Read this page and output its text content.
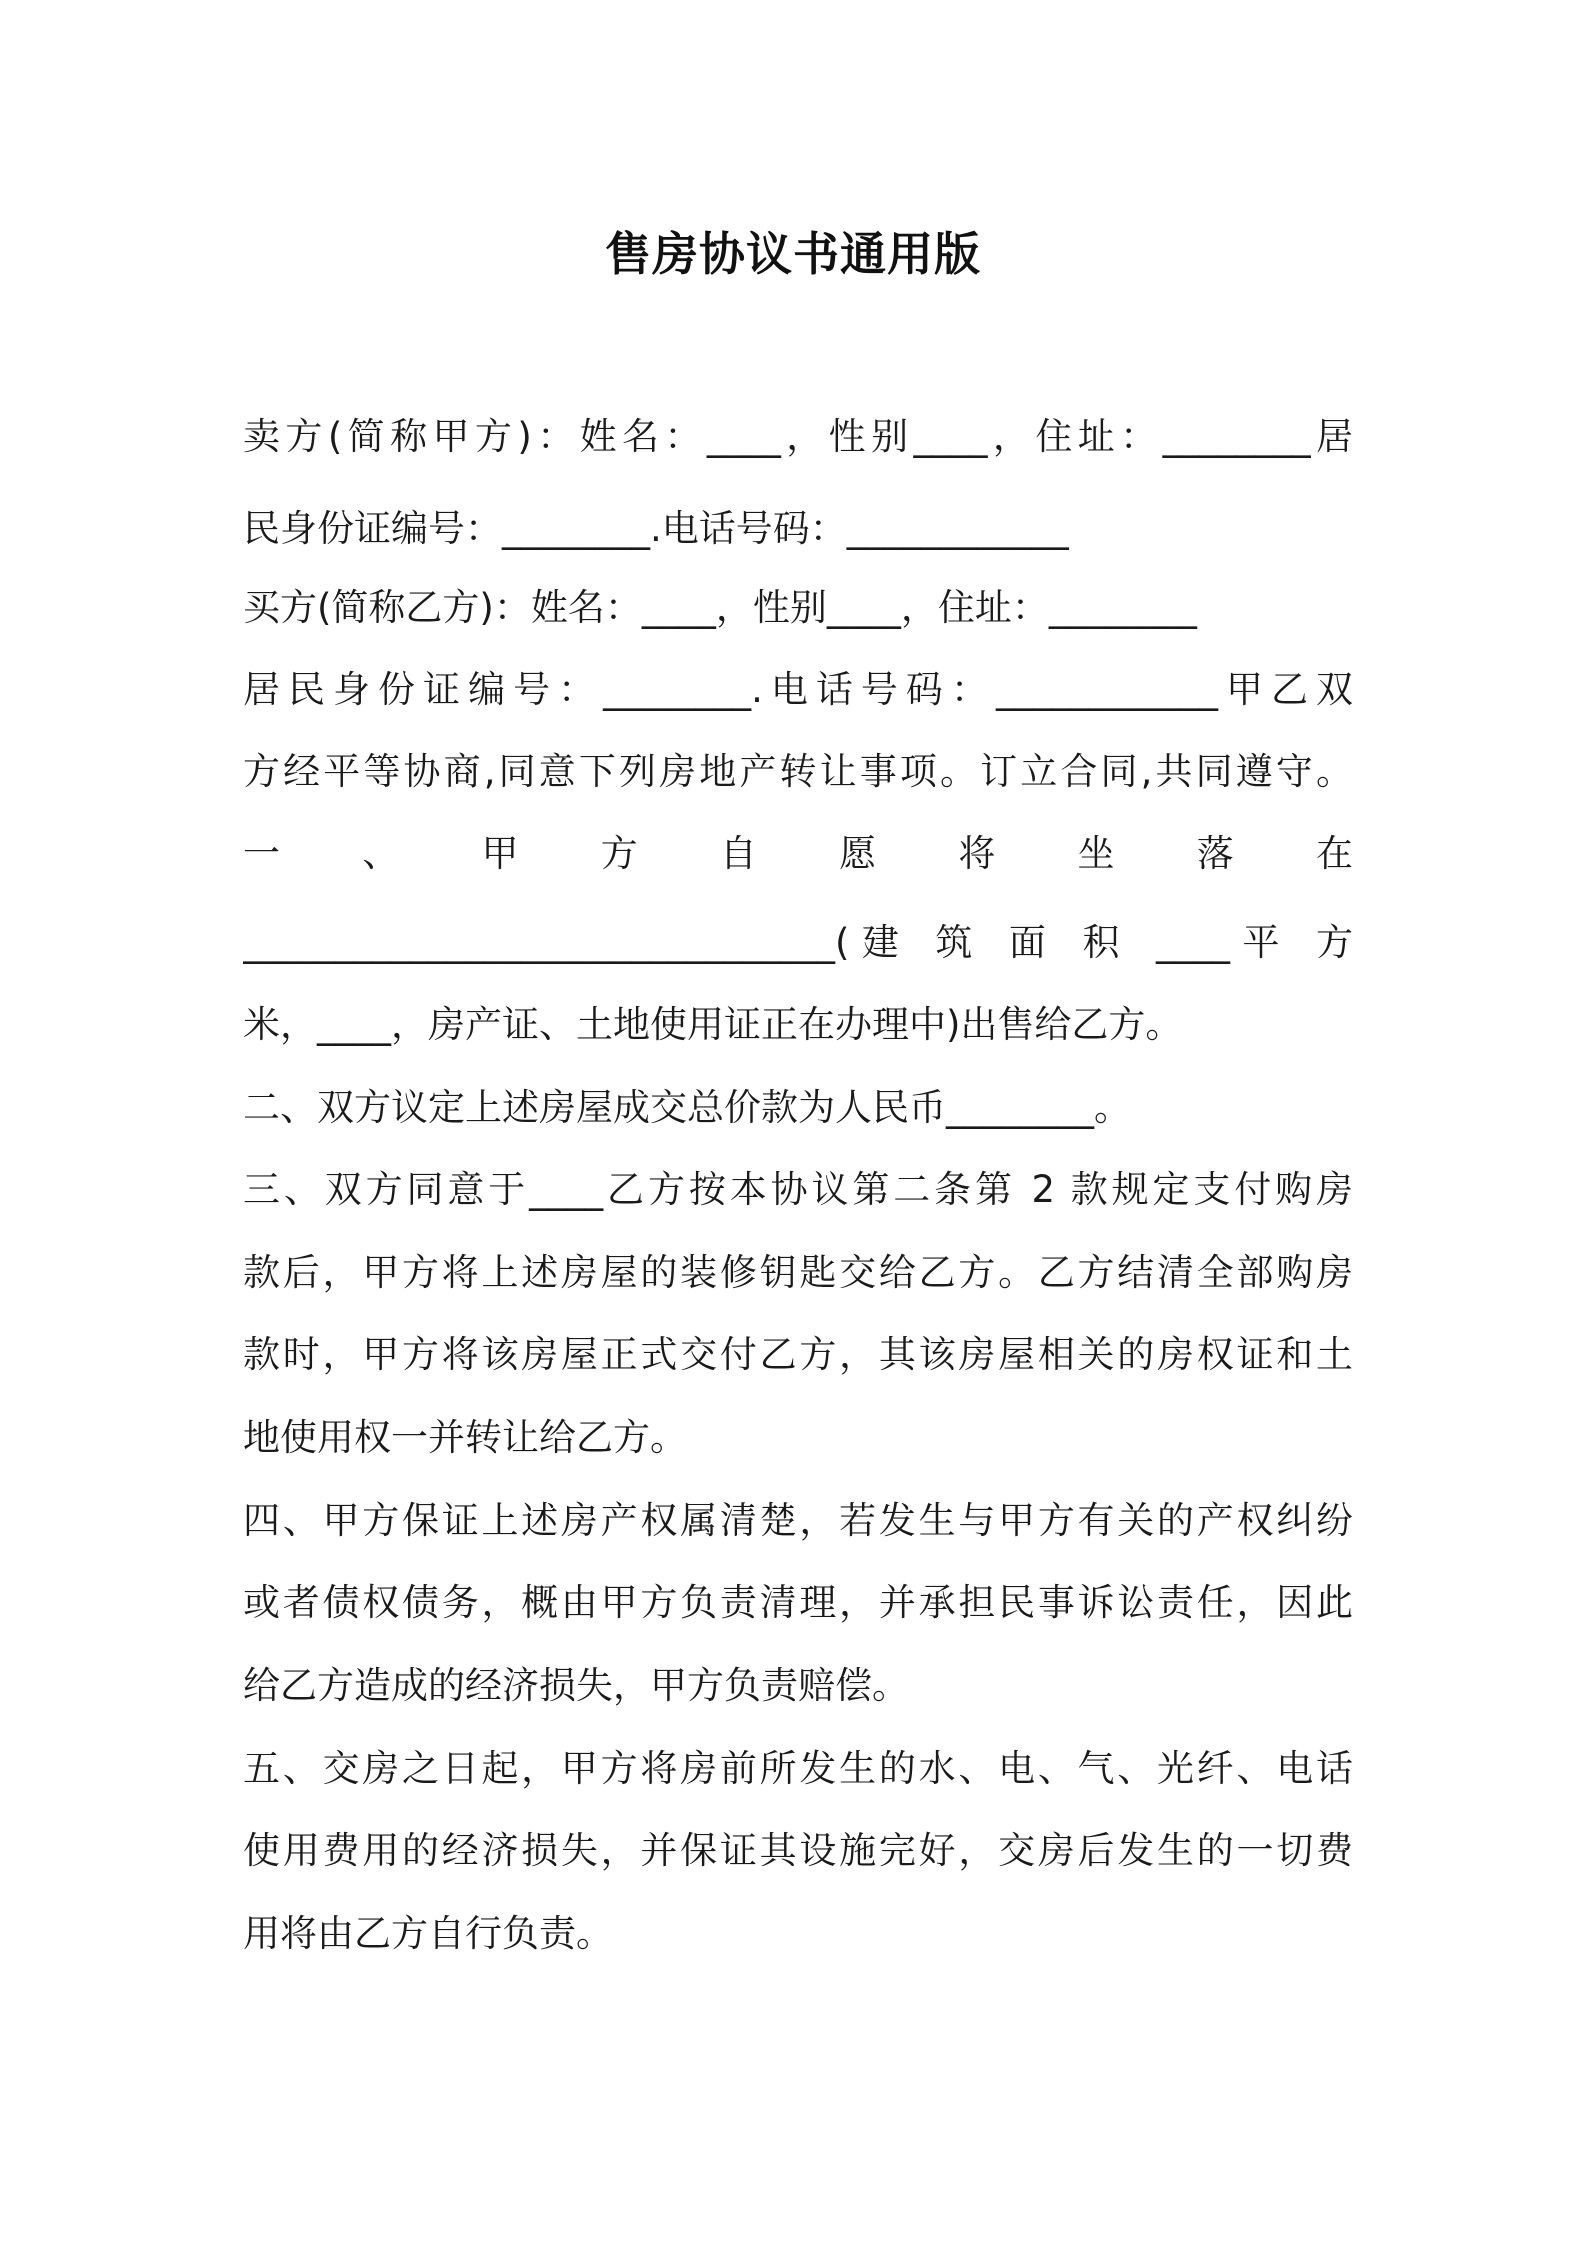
售房协议书通用版
卖方(简称甲方)：姓名：____，性别____，住址：________居
民身份证编号：________.电话号码：____________
买方(简称乙方)：姓名：____，性别____，住址：________
居民身份证编号：________.电话号码：____________甲乙双
方经平等协商,同意下列房地产转让事项。订立合同,共同遵守。
一 、 甲 方 自 愿 将 坐 落 在
________________________________(建 筑 面 积 ____平 方
米，____，房产证、土地使用证正在办理中)出售给乙方。
二、双方议定上述房屋成交总价款为人民币________。
三、双方同意于____乙方按本协议第二条第 2 款规定支付购房
款后，甲方将上述房屋的装修钥匙交给乙方。乙方结清全部购房
款时，甲方将该房屋正式交付乙方，其该房屋相关的房权证和土
地使用权一并转让给乙方。
四、甲方保证上述房产权属清楚，若发生与甲方有关的产权纠纷
或者债权债务，概由甲方负责清理，并承担民事诉讼责任，因此
给乙方造成的经济损失，甲方负责赔偿。
五、交房之日起，甲方将房前所发生的水、电、气、光纤、电话
使用费用的经济损失，并保证其设施完好，交房后发生的一切费
用将由乙方自行负责。
